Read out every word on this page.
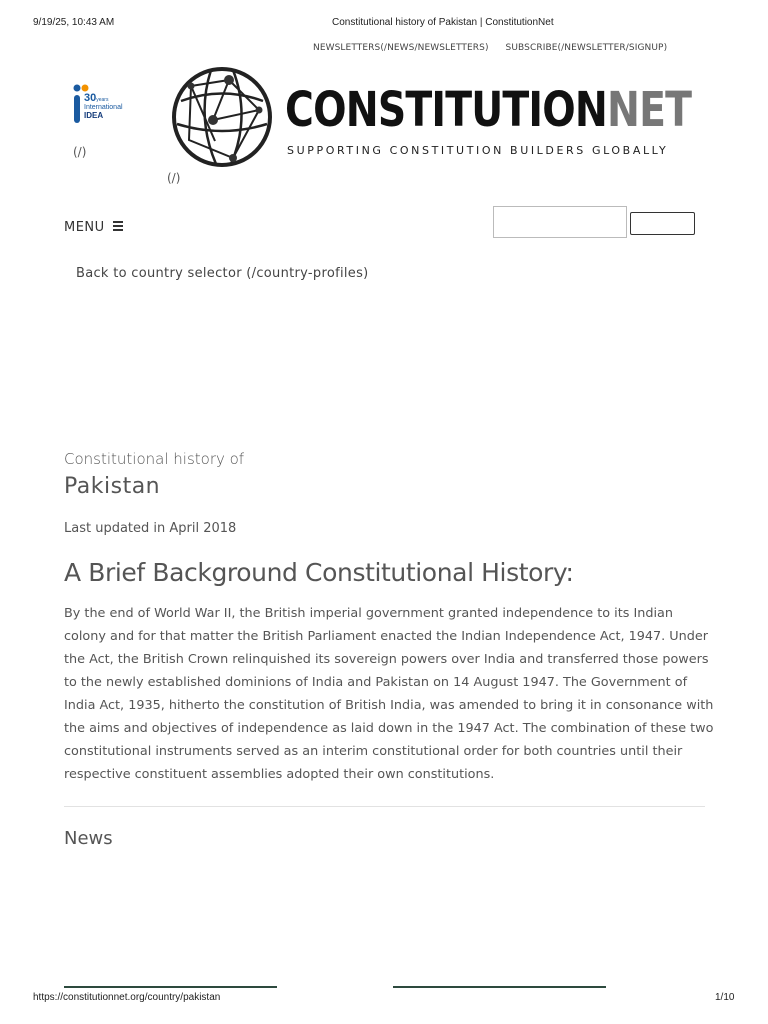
9/19/25, 10:43 AM	Constitutional history of Pakistan | ConstitutionNet
NEWSLETTERS(/NEWS/NEWSLETTERS) SUBSCRIBE(/NEWSLETTER/SIGNUP)
30years
International
IDEA
(/)
(/)
CONSTITUTIONNET
SUPPORTING CONSTITUTION BUILDERS GLOBALLY
MENU
Back to country selector (/country-profiles)
Constitutional history of
Pakistan
Last updated in April 2018
A Brief Background Constitutional History:
By the end of World War II, the British imperial government granted independence to its Indian colony and for that matter the British Parliament enacted the Indian Independence Act, 1947. Under the Act, the British Crown relinquished its sovereign powers over India and transferred those powers to the newly established dominions of India and Pakistan on 14 August 1947. The Government of India Act, 1935, hitherto the constitution of British India, was amended to bring it in consonance with the aims and objectives of independence as laid down in the 1947 Act. The combination of these two constitutional instruments served as an interim constitutional order for both countries until their respective constituent assemblies adopted their own constitutions.
News
https://constitutionnet.org/country/pakistan	1/10
